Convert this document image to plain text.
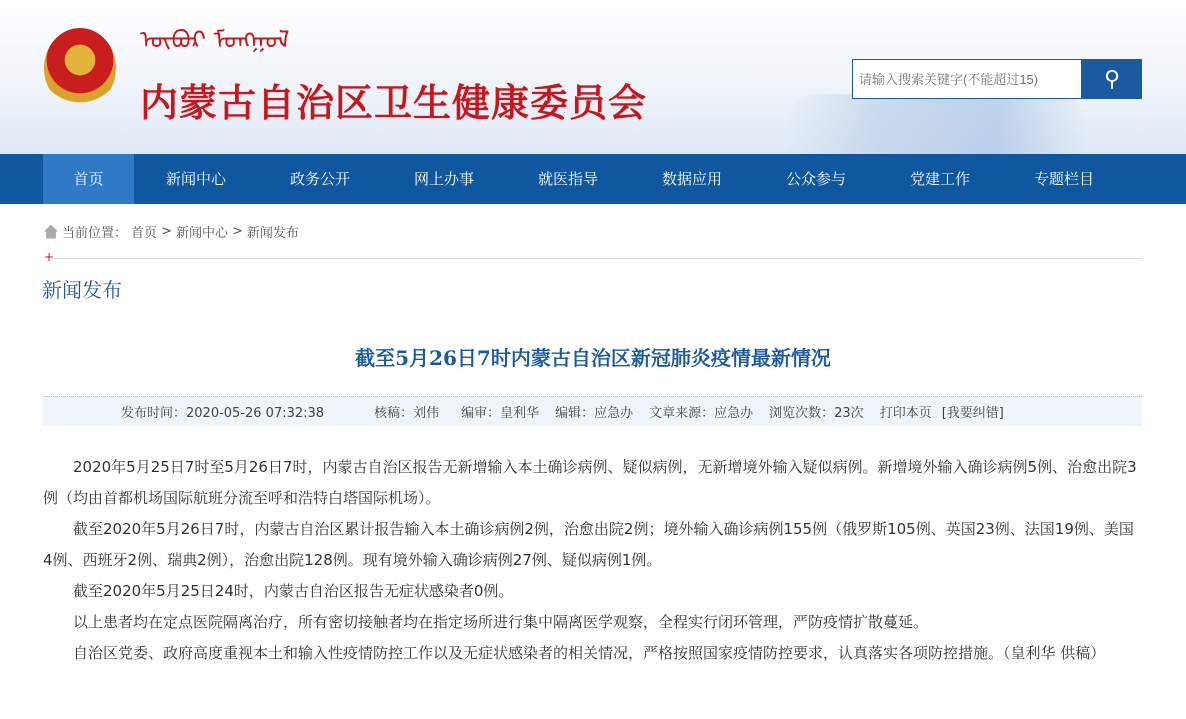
ᠥᠪᠥᠷ ᠮᠣᠩᠭᠣᠯ
内蒙古自治区卫生健康委员会
请输入搜索关键字(不能超过15)
⚲
首页	新闻中心	政务公开	网上办事	就医指导	数据应用	公众参与	党建工作	专题栏目
当前位置： 首页 > 新闻中心 > 新闻发布
+
新闻发布
截至5月26日7时内蒙古自治区新冠肺炎疫情最新情况
发布时间：2020-05-26 07:32:38	核稿：刘伟 编审：皇利华 编辑：应急办 文章来源：应急办 浏览次数：23次 打印本页 [我要纠错]

2020年5月25日7时至5月26日7时，内蒙古自治区报告无新增输入本土确诊病例、疑似病例，无新增境外输入疑似病例。新增境外输入确诊病例5例、治愈出院3例（均由首都机场国际航班分流至呼和浩特白塔国际机场）。

截至2020年5月26日7时，内蒙古自治区累计报告输入本土确诊病例2例，治愈出院2例；境外输入确诊病例155例（俄罗斯105例、英国23例、法国19例、美国4例、西班牙2例、瑞典2例），治愈出院128例。现有境外输入确诊病例27例、疑似病例1例。

截至2020年5月25日24时，内蒙古自治区报告无症状感染者0例。

以上患者均在定点医院隔离治疗，所有密切接触者均在指定场所进行集中隔离医学观察，全程实行闭环管理，严防疫情扩散蔓延。

自治区党委、政府高度重视本土和输入性疫情防控工作以及无症状感染者的相关情况，严格按照国家疫情防控要求，认真落实各项防控措施。（皇利华 供稿）
